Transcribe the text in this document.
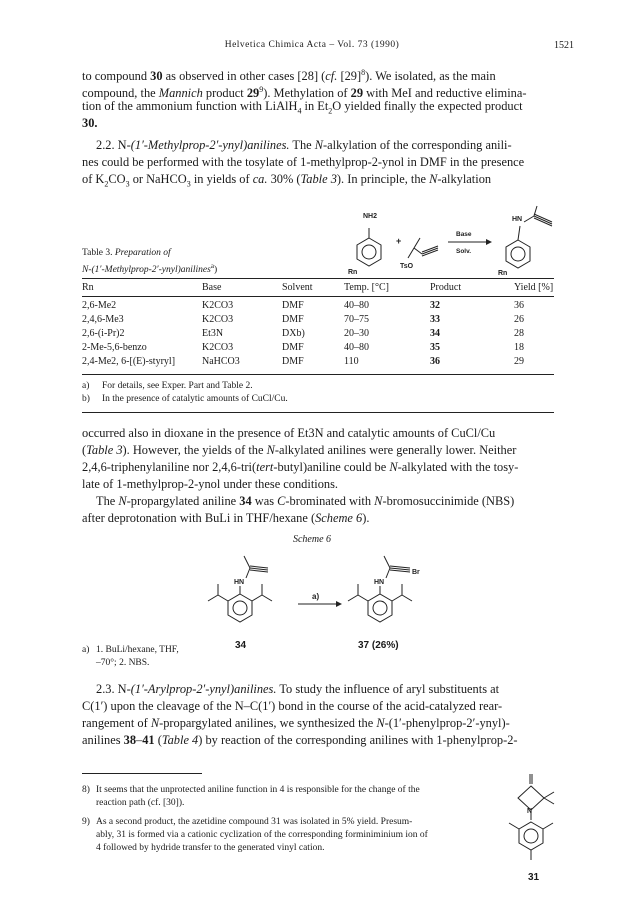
Helvetica Chimica Acta – Vol. 73 (1990)	1521

to compound 30 as observed in other cases [28] (cf. $[29]^8$). We isolated, as the main

compound, the Mannich product $29^9$). Methylation of 29 with MeI and reductive elimina-

tion of the ammonium function with LiAlH$_4$ in $Et_2O$ yielded finally the expected product

30.

2.2. N-(1′-Methylprop-2′-ynyl)anilines. The N-alkylation of the corresponding anili-

nes could be performed with the tosylate of 1-methylprop-2-ynol in DMF in the presence

of $K_2CO_3$ or NaHCO$_3$ in yields of ca. 30% (Table 3). In principle, the N-alkylation

Table 3. Preparation of
N-(1′-Methylprop-2′-ynyl)anilines$^a$)
NH2
Rn
+
TsO
Base
Solv.
HN
Rn
Rn	Base	Solvent	Temp. [°C]	Product	Yield [%]
2,6-Me2	K2CO3	DMF	40–80	32	36
2,4,6-Me3	K2CO3	DMF	70–75	33	26
2,6-(i-Pr)2	Et3N	DXb)	20–30	34	28
2-Me-5,6-benzo	K2CO3	DMF	40–80	35	18
2,4-Me2, 6-[(E)-styryl]	NaHCO3	DMF	110	36	29
a) For details, see Exper. Part and Table 2.
b) In the presence of catalytic amounts of CuCl/Cu.

occurred also in dioxane in the presence of Et3N and catalytic amounts of CuCl/Cu

(Table 3). However, the yields of the N-alkylated anilines were generally lower. Neither

2,4,6-triphenylaniline nor 2,4,6-tri(tert-butyl)aniline could be N-alkylated with the tosy-

late of 1-methylprop-2-ynol under these conditions.

The N-propargylated aniline 34 was C-brominated with N-bromosuccinimide (NBS)

after deprotonation with BuLi in THF/hexane (Scheme 6).

Scheme 6
HN	HN
Br
a)
34	37 (26%)
a) 1. BuLi/hexane, THF,
–70°; 2. NBS.

2.3. N-(1′-Arylprop-2′-ynyl)anilines. To study the influence of aryl substituents at

C(1′) upon the cleavage of the N–C(1′) bond in the course of the acid-catalyzed rear-

rangement of N-propargylated anilines, we synthesized the N-(1′-phenylprop-2′-ynyl)-

anilines 38–41 (Table 4) by reaction of the corresponding anilines with 1-phenylprop-2-

8) It seems that the unprotected aniline function in 4 is responsible for the change of the
reaction path (cf. [30]).
9) As a second product, the azetidine compound 31 was isolated in 5% yield. Presum-
ably, 31 is formed via a cationic cyclization of the corresponding forminiminium ion of
4 followed by hydride transfer to the generated vinyl cation.
N
31
